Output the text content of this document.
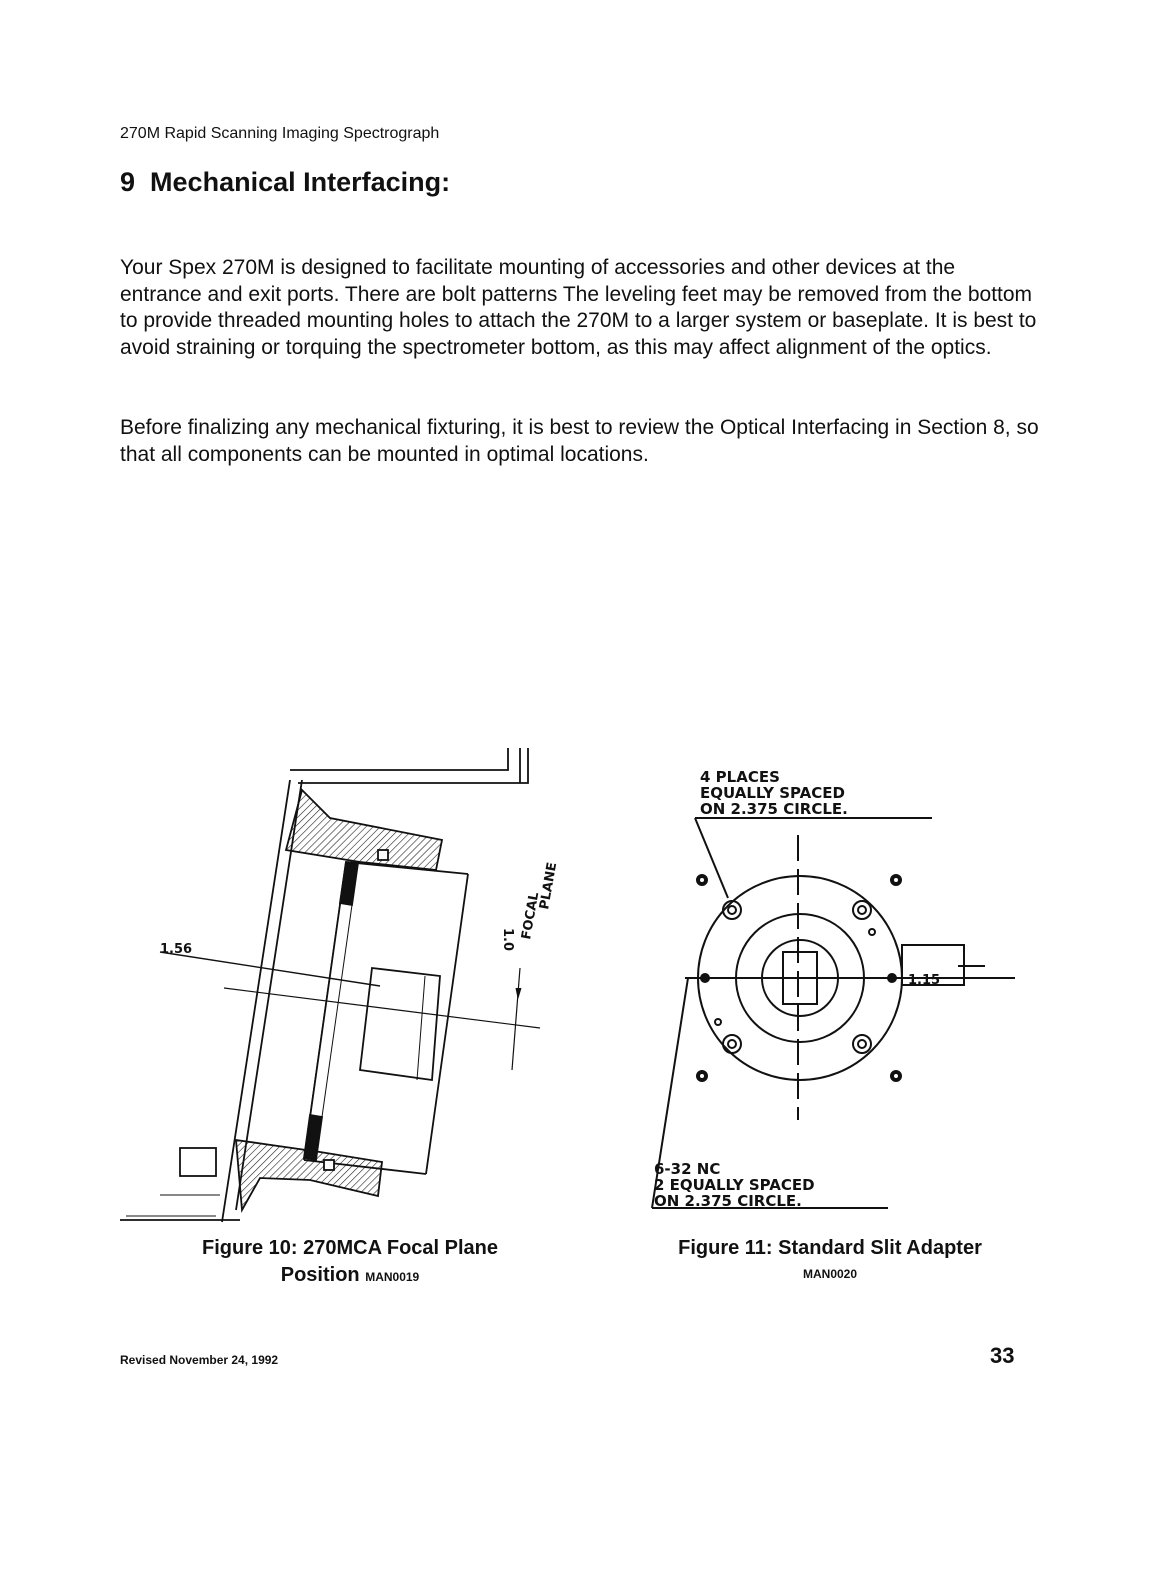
270M Rapid Scanning Imaging Spectrograph
9 Mechanical Interfacing:

Your Spex 270M is designed to facilitate mounting of accessories and other devices at the entrance and exit ports. There are bolt patterns The leveling feet may be removed from the bottom to provide threaded mounting holes to attach the 270M to a larger system or baseplate. It is best to avoid straining or torquing the spectrometer bottom, as this may affect alignment of the optics.

Before finalizing any mechanical fixturing, it is best to review the Optical Interfacing in Section 8, so that all components can be mounted in optimal locations.

1.56	1.0 FOCAL
PLANE
4 PLACES
EQUALLY SPACED
ON 2.375 CIRCLE.
1.15
6-32 NC
2 EQUALLY SPACED
ON 2.375 CIRCLE.
Figure 10: 270MCA Focal Plane
Position MAN0019
Figure 11: Standard Slit Adapter
MAN0020
Revised November 24, 1992	33
